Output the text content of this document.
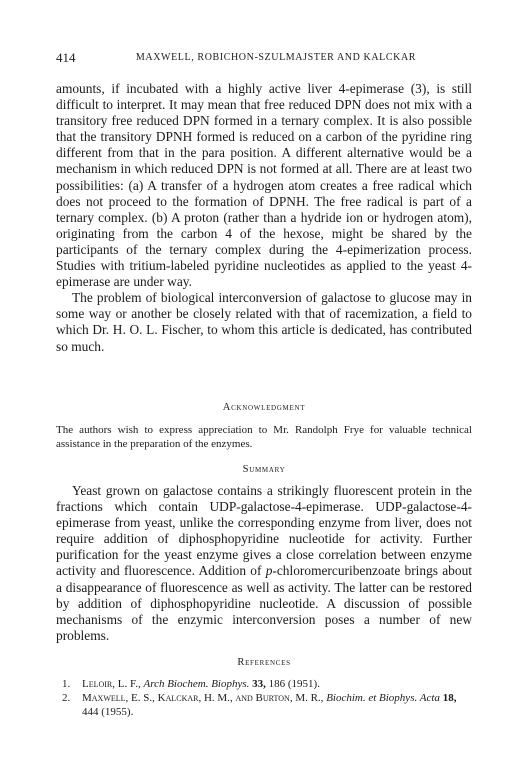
414	MAXWELL, ROBICHON-SZULMAJSTER AND KALCKAR

amounts, if incubated with a highly active liver 4-epimerase (3), is still difficult to interpret. It may mean that free reduced DPN does not mix with a transitory free reduced DPN formed in a ternary complex. It is also possible that the transitory DPNH formed is reduced on a carbon of the pyridine ring different from that in the para position. A different alternative would be a mechanism in which reduced DPN is not formed at all. There are at least two possibilities: (a) A transfer of a hydrogen atom creates a free radical which does not proceed to the formation of DPNH. The free radical is part of a ternary complex. (b) A proton (rather than a hydride ion or hydrogen atom), originating from the carbon 4 of the hexose, might be shared by the participants of the ternary complex during the 4-epimerization process. Studies with tritium-labeled pyridine nucleotides as applied to the yeast 4-epimerase are under way.

The problem of biological interconversion of galactose to glucose may in some way or another be closely related with that of racemization, a field to which Dr. H. O. L. Fischer, to whom this article is dedicated, has contributed so much.

Acknowledgment
The authors wish to express appreciation to Mr. Randolph Frye for valuable technical assistance in the preparation of the enzymes.
Summary

Yeast grown on galactose contains a strikingly fluorescent protein in the fractions which contain UDP-galactose-4-epimerase. UDP-galactose-4-epimerase from yeast, unlike the corresponding enzyme from liver, does not require addition of diphosphopyridine nucleotide for activity. Further purification for the yeast enzyme gives a close correlation between enzyme activity and fluorescence. Addition of p-chloromercuribenzoate brings about a disappearance of fluorescence as well as activity. The latter can be restored by addition of diphosphopyridine nucleotide. A discussion of possible mechanisms of the enzymic interconversion poses a number of new problems.

References

1. Leloir, L. F., Arch Biochem. Biophys. 33, 186 (1951).

2. Maxwell, E. S., Kalckar, H. M., and Burton, M. R., Biochim. et Biophys. Acta 18, 444 (1955).
